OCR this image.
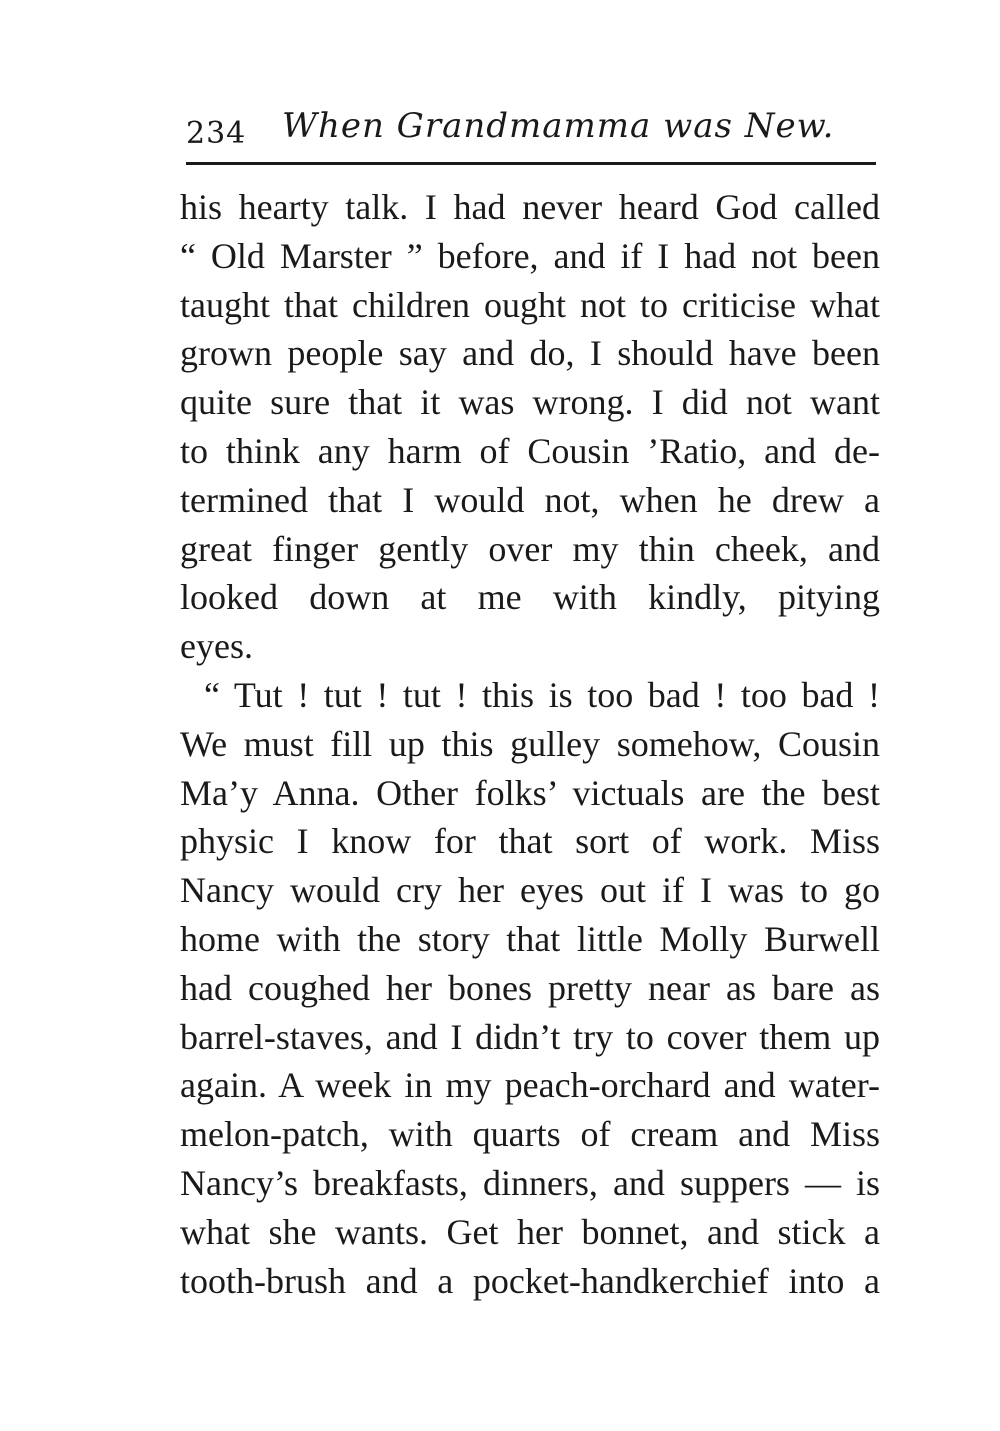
234 When Grandmamma was New.
his hearty talk. I had never heard God called
“ Old Marster ” before, and if I had not been
taught that children ought not to criticise what
grown people say and do, I should have been
quite sure that it was wrong. I did not want
to think any harm of Cousin ’Ratio, and de-
termined that I would not, when he drew a
great finger gently over my thin cheek, and
looked down at me with kindly, pitying
eyes.
“ Tut ! tut ! tut ! this is too bad ! too bad !
We must fill up this gulley somehow, Cousin
Ma’y Anna. Other folks’ victuals are the best
physic I know for that sort of work. Miss
Nancy would cry her eyes out if I was to go
home with the story that little Molly Burwell
had coughed her bones pretty near as bare as
barrel-staves, and I didn’t try to cover them up
again. A week in my peach-orchard and water-
melon-patch, with quarts of cream and Miss
Nancy’s breakfasts, dinners, and suppers — is
what she wants. Get her bonnet, and stick a
tooth-brush and a pocket-handkerchief into a
